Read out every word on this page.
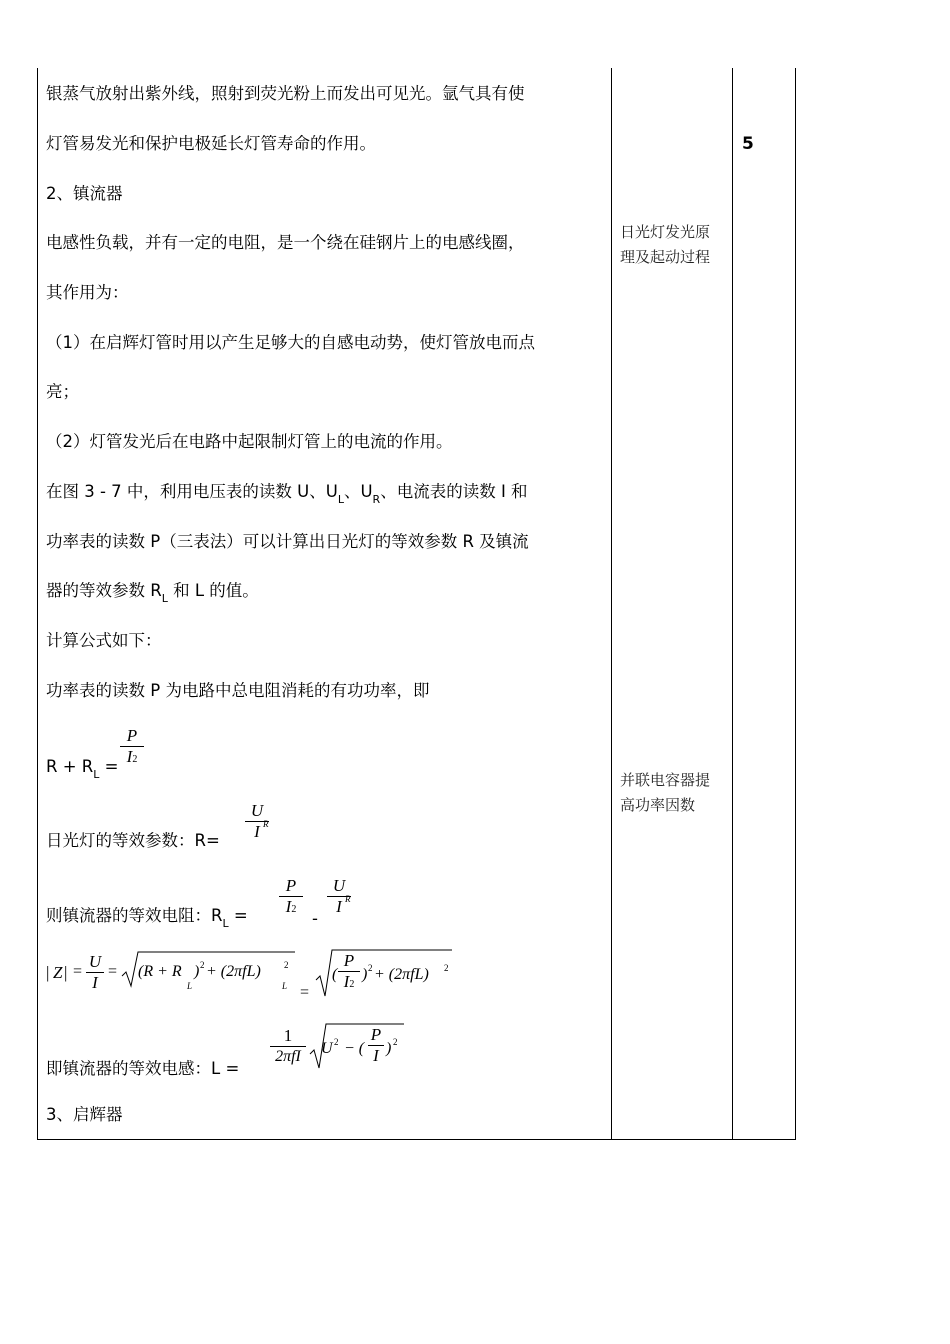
银蒸气放射出紫外线，照射到荧光粉上而发出可见光。氩气具有使
灯管易发光和保护电极延长灯管寿命的作用。
2、镇流器
电感性负载，并有一定的电阻，是一个绕在硅钢片上的电感线圈，
其作用为：
（1）在启辉灯管时用以产生足够大的自感电动势，使灯管放电而点
亮；
（2）灯管发光后在电路中起限制灯管上的电流的作用。
在图 3 - 7 中，利用电压表的读数 U、$U_L$、$U_R$、电流表的读数 I 和
功率表的读数 P（三表法）可以计算出日光灯的等效参数 R 及镇流
器的等效参数 $R_L$ 和 L 的值。
计算公式如下：
功率表的读数 P 为电路中总电阻消耗的有功功率，即
$R + R_L$ =
P
I2
日光灯的等效参数：R=
U
I R
则镇流器的等效电阻：$R_L$ =
P
I2 -
U
I R
| Z | =
U
I
= (R + R
L
) 2 + (2πfL)	2
L =
(
P
I2
) 2 + (2πfL) 2
即镇流器的等效电感：L =
1
2πfI	U 2 − (
P
I ) 2
3、启辉器
日光灯发光原
理及起动过程
并联电容器提
高功率因数
5
